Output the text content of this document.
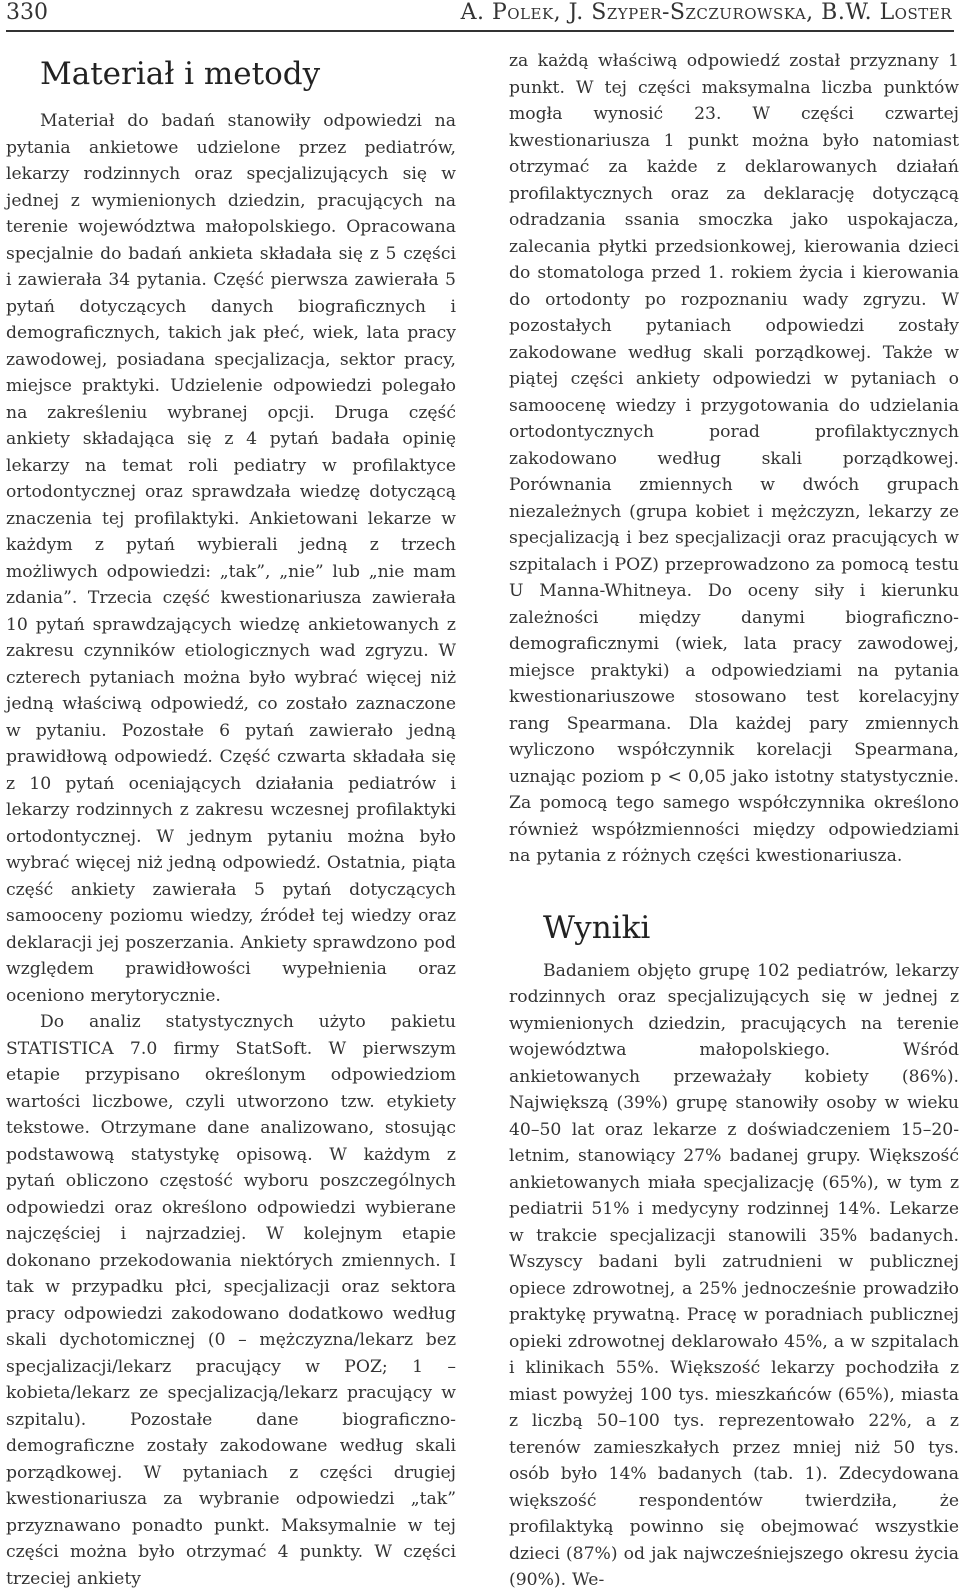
330	A. Polek, J. Szyper-Szczurowska, B.W. Loster
Materiał i metody

Materiał do badań stanowiły odpowiedzi na pytania ankietowe udzielone przez pediatrów, lekarzy rodzinnych oraz specjalizujących się w jednej z wymienionych dziedzin, pracujących na terenie województwa małopolskiego. Opracowana specjalnie do badań ankieta składała się z 5 części i zawierała 34 pytania. Część pierwsza zawierała 5 pytań dotyczących danych biograficznych i demograficznych, takich jak płeć, wiek, lata pracy zawodowej, posiadana specjalizacja, sektor pracy, miejsce praktyki. Udzielenie odpowiedzi polegało na zakreśleniu wybranej opcji. Druga część ankiety składająca się z 4 pytań badała opinię lekarzy na temat roli pediatry w profilaktyce ortodontycznej oraz sprawdzała wiedzę dotyczącą znaczenia tej profilaktyki. Ankietowani lekarze w każdym z pytań wybierali jedną z trzech możliwych odpowiedzi: „tak”, „nie” lub „nie mam zdania”. Trzecia część kwestionariusza zawierała 10 pytań sprawdzających wiedzę ankietowanych z zakresu czynników etiologicznych wad zgryzu. W czterech pytaniach można było wybrać więcej niż jedną właściwą odpowiedź, co zostało zaznaczone w pytaniu. Pozostałe 6 pytań zawierało jedną prawidłową odpowiedź. Część czwarta składała się z 10 pytań oceniających działania pediatrów i lekarzy rodzinnych z zakresu wczesnej profilaktyki ortodontycznej. W jednym pytaniu można było wybrać więcej niż jedną odpowiedź. Ostatnia, piąta część ankiety zawierała 5 pytań dotyczących samooceny poziomu wiedzy, źródeł tej wiedzy oraz deklaracji jej poszerzania. Ankiety sprawdzono pod względem prawidłowości wypełnienia oraz oceniono merytorycznie.

Do analiz statystycznych użyto pakietu STATISTICA 7.0 firmy StatSoft. W pierwszym etapie przypisano określonym odpowiedziom wartości liczbowe, czyli utworzono tzw. etykiety tekstowe. Otrzymane dane analizowano, stosując podstawową statystykę opisową. W każdym z pytań obliczono częstość wyboru poszczególnych odpowiedzi oraz określono odpowiedzi wybierane najczęściej i najrzadziej. W kolejnym etapie dokonano przekodowania niektórych zmiennych. I tak w przypadku płci, specjalizacji oraz sektora pracy odpowiedzi zakodowano dodatkowo według skali dychotomicznej (0 – mężczyzna/lekarz bez specjalizacji/lekarz pracujący w POZ; 1 – kobieta/lekarz ze specjalizacją/lekarz pracujący w szpitalu). Pozostałe dane biograficzno-demograficzne zostały zakodowane według skali porządkowej. W pytaniach z części drugiej kwestionariusza za wybranie odpowiedzi „tak” przyznawano ponadto punkt. Maksymalnie w tej części można było otrzymać 4 punkty. W części trzeciej ankiety

za każdą właściwą odpowiedź został przyznany 1 punkt. W tej części maksymalna liczba punktów mogła wynosić 23. W części czwartej kwestionariusza 1 punkt można było natomiast otrzymać za każde z deklarowanych działań profilaktycznych oraz za deklarację dotyczącą odradzania ssania smoczka jako uspokajacza, zalecania płytki przedsionkowej, kierowania dzieci do stomatologa przed 1. rokiem życia i kierowania do ortodonty po rozpoznaniu wady zgryzu. W pozostałych pytaniach odpowiedzi zostały zakodowane według skali porządkowej. Także w piątej części ankiety odpowiedzi w pytaniach o samoocenę wiedzy i przygotowania do udzielania ortodontycznych porad profilaktycznych zakodowano według skali porządkowej. Porównania zmiennych w dwóch grupach niezależnych (grupa kobiet i mężczyzn, lekarzy ze specjalizacją i bez specjalizacji oraz pracujących w szpitalach i POZ) przeprowadzono za pomocą testu U Manna-Whitneya. Do oceny siły i kierunku zależności między danymi biograficzno-demograficznymi (wiek, lata pracy zawodowej, miejsce praktyki) a odpowiedziami na pytania kwestionariuszowe stosowano test korelacyjny rang Spearmana. Dla każdej pary zmiennych wyliczono współczynnik korelacji Spearmana, uznając poziom p < 0,05 jako istotny statystycznie. Za pomocą tego samego współczynnika określono również współzmienności między odpowiedziami na pytania z różnych części kwestionariusza.

Wyniki

Badaniem objęto grupę 102 pediatrów, lekarzy rodzinnych oraz specjalizujących się w jednej z wymienionych dziedzin, pracujących na terenie województwa małopolskiego. Wśród ankietowanych przeważały kobiety (86%). Największą (39%) grupę stanowiły osoby w wieku 40–50 lat oraz lekarze z doświadczeniem 15–20-letnim, stanowiący 27% badanej grupy. Większość ankietowanych miała specjalizację (65%), w tym z pediatrii 51% i medycyny rodzinnej 14%. Lekarze w trakcie specjalizacji stanowili 35% badanych. Wszyscy badani byli zatrudnieni w publicznej opiece zdrowotnej, a 25% jednocześnie prowadziło praktykę prywatną. Pracę w poradniach publicznej opieki zdrowotnej deklarowało 45%, a w szpitalach i klinikach 55%. Większość lekarzy pochodziła z miast powyżej 100 tys. mieszkańców (65%), miasta z liczbą 50–100 tys. reprezentowało 22%, a z terenów zamieszkałych przez mniej niż 50 tys. osób było 14% badanych (tab. 1). Zdecydowana większość respondentów twierdziła, że profilaktyką powinno się obejmować wszystkie dzieci (87%) od jak najwcześniejszego okresu życia (90%). We-
